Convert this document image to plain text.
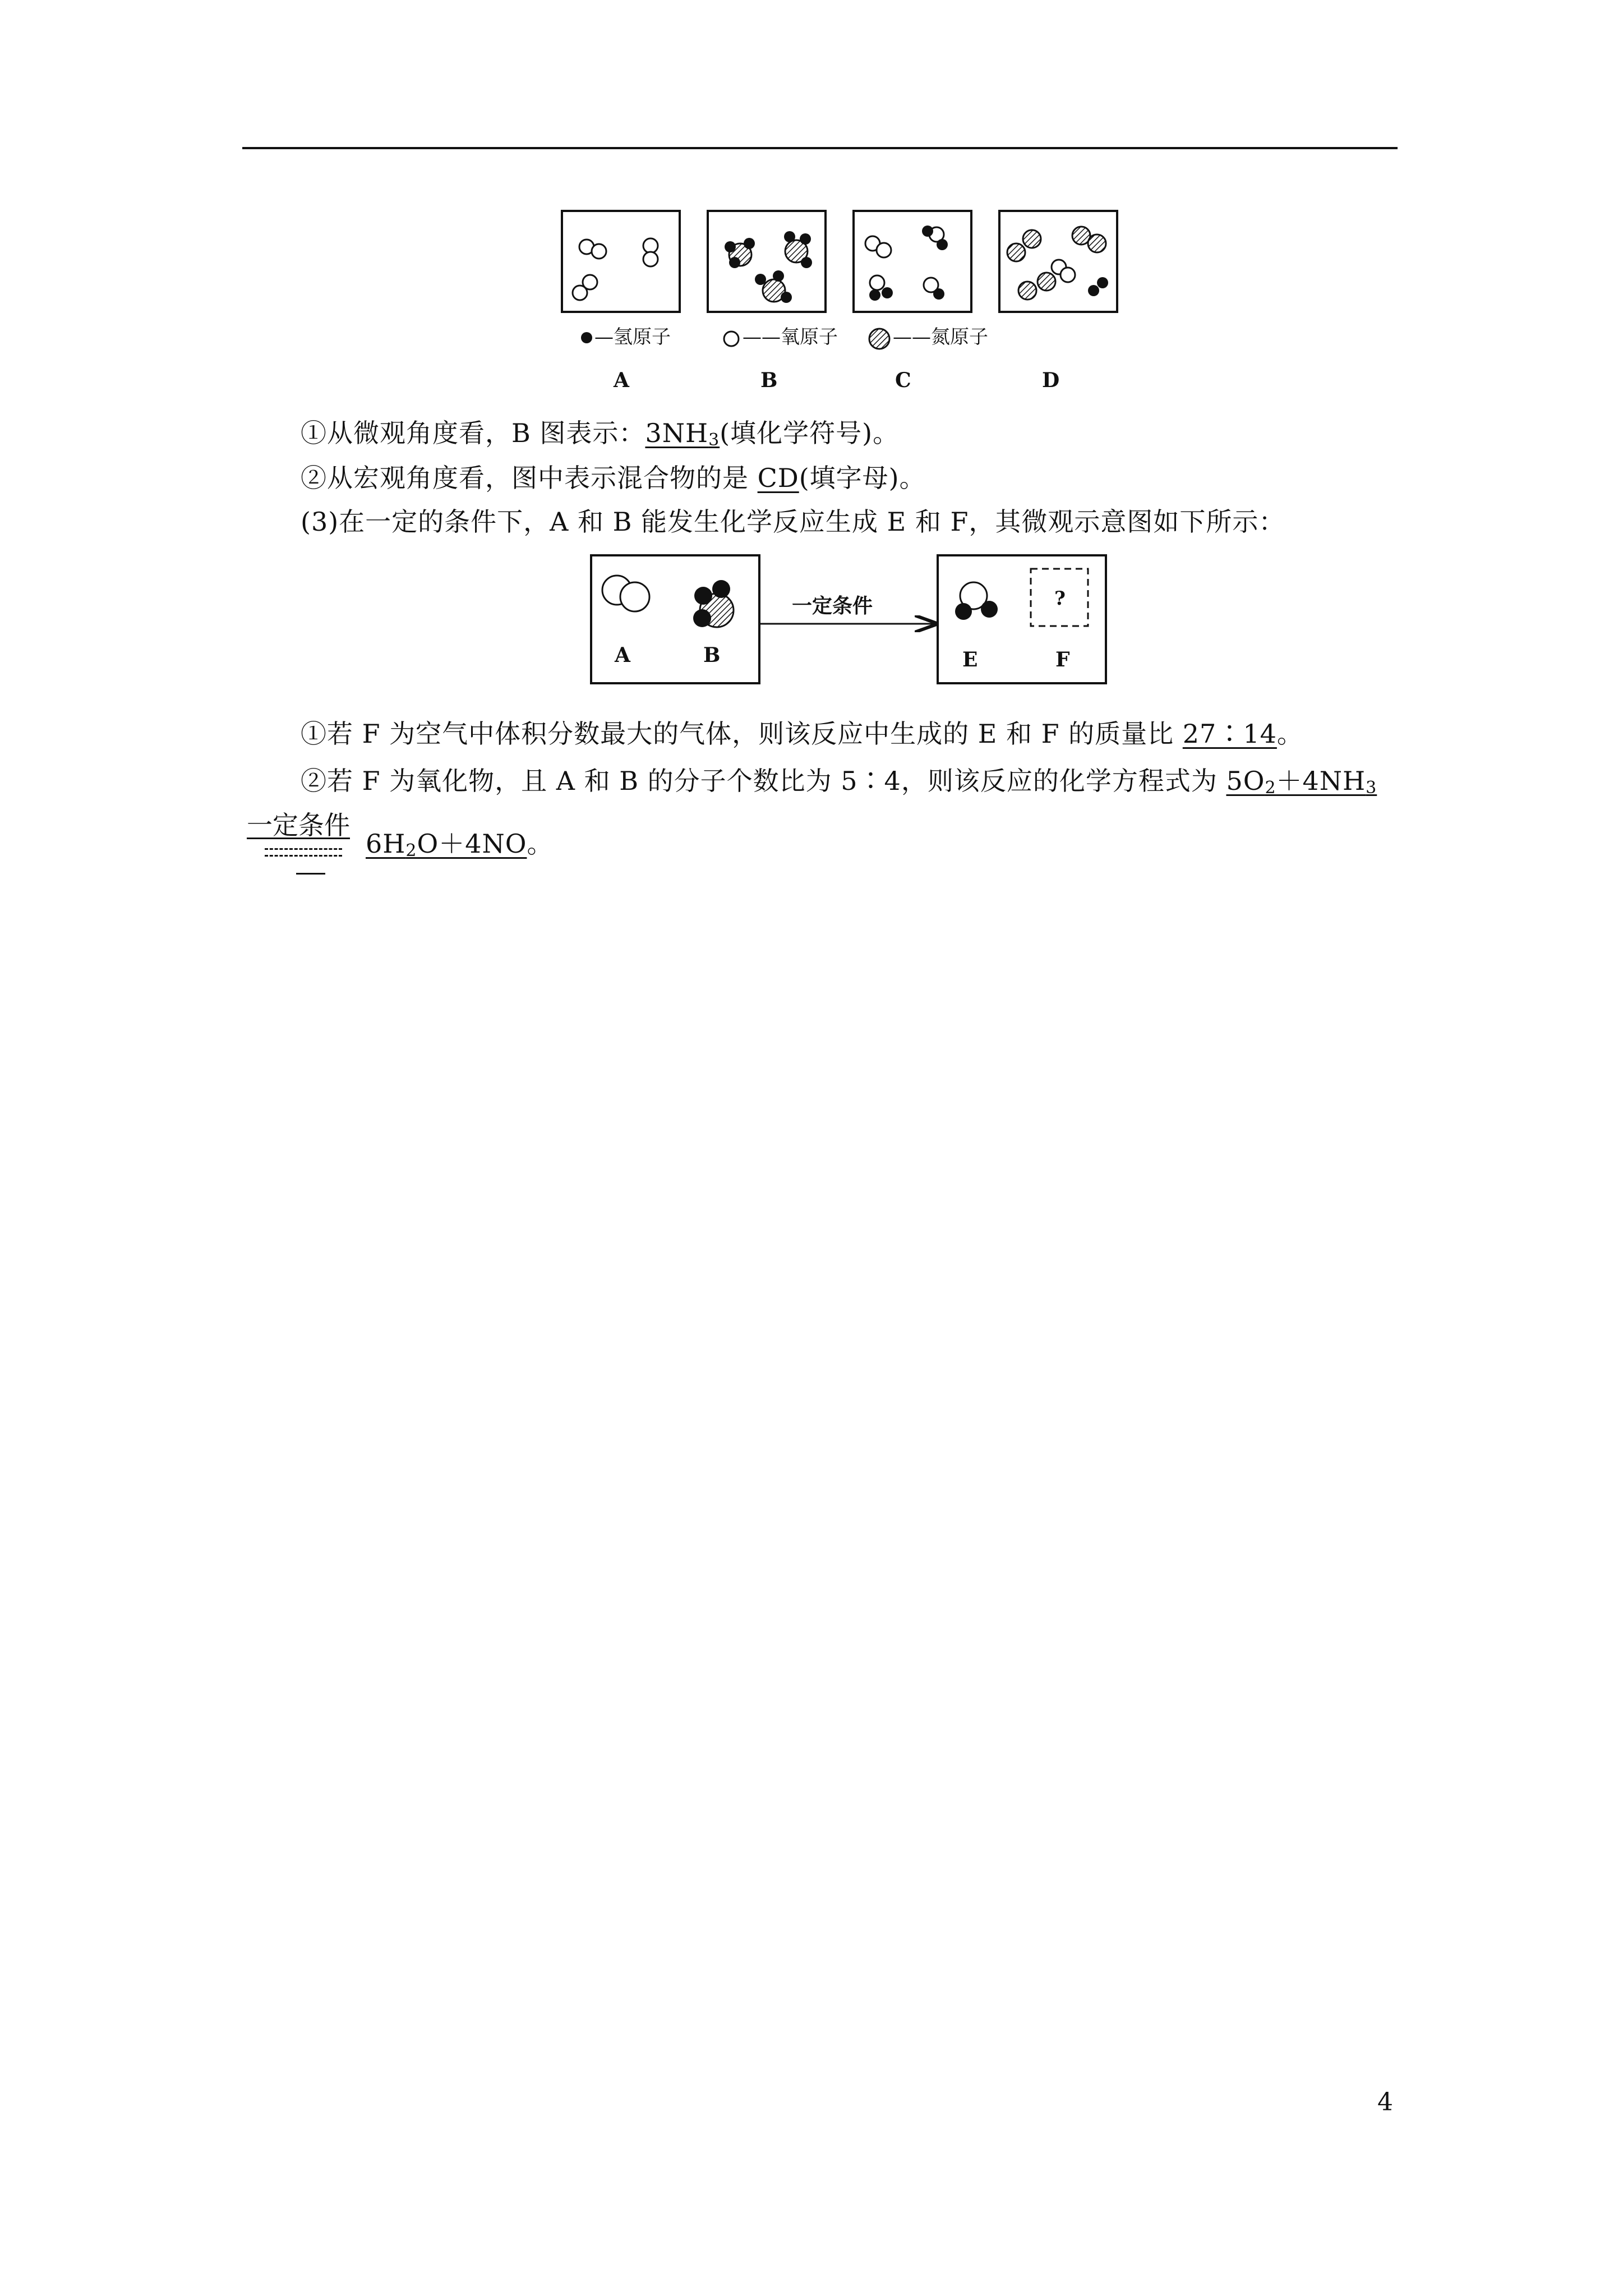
—氢原子	——氧原子	——氮原子
A	B	C	D
①从微观角度看，B 图表示：$3NH_3$(填化学符号)。
②从宏观角度看，图中表示混合物的是 CD(填字母)。
(3)在一定的条件下，A 和 B 能发生化学反应生成 E 和 F，其微观示意图如下所示：
A	B
一定条件	?
E	F
①若 F 为空气中体积分数最大的气体，则该反应中生成的 E 和 F 的质量比 27∶14。
②若 F 为氧化物，且 A 和 B 的分子个数比为 5∶4，则该反应的化学方程式为 $5O_2+4NH_3$
一定条件
$6H_2O+4NO$。
4
